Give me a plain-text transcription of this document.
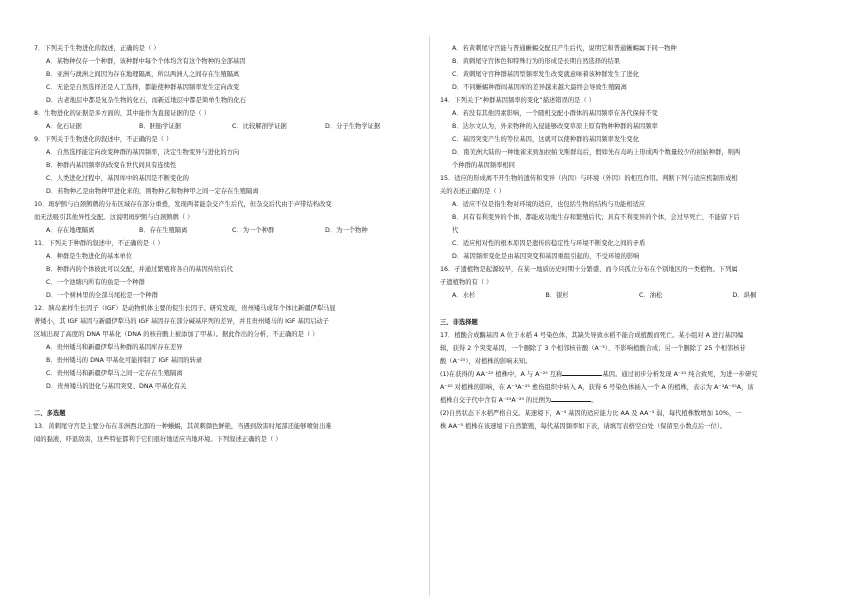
7．下列关于生物进化的叙述，正确的是（ ）
A．某物种仅存一个种群，该种群中每个个体均含有这个物种的全部基因
B．亚洲与澳洲之间因为存在地理隔离，所以两洲人之间存在生殖隔离
C．无论是自然选择还是人工选择，都能使种群基因频率发生定向改变
D．古老地层中都是复杂生物的化石，而新近地层中都是简单生物的化石
8．生物进化的证据是多方面的，其中能作为直接证据的是（ ）
A．化石证据	B．胚胎学证据	C．比较解剖学证据	D．分子生物学证据
9．下列关于生物进化的叙述中，不正确的是（ ）
A．自然选择能定向改变种群的基因频率，决定生物变异与进化的方向
B．种群内基因频率的改变在世代间具有连续性
C．人类进化过程中，基因库中的基因是不断变化的
D．若物种乙是由物种甲进化来的，则物种乙和物种甲之间一定存在生殖隔离
10．斑驴鹪与白颈鹪鹩的分布区域存在部分重叠，发现两者能杂交产生后代，但杂交后代由于声带结构改变
而无法吸引其他异性交配。这说明斑驴鹪与白颈鹪鹩（ ）
A．存在地理隔离	B．存在生殖隔离	C．为一个种群	D．为一个物种
11．下列关于种群的叙述中，不正确的是（ ）
A．种群是生物进化的基本单位
B．种群内的个体彼此可以交配，并通过繁殖将各自的基因传给后代
C．一个池塘内所有的鱼是一个种群
D．一个树林里的全部马尾松是一个种群
12．胰岛素样生长因子（IGF）是动物机体主要的促生长因子。研究发现，贵州矮马成年个体比新疆伊犁马显
著矮小，其 IGF 基因与新疆伊犁马的 IGF 基因存在部分碱基序列的差异，并且贵州矮马的 IGF 基因启动子
区域出现了高度的 DNA 甲基化（DNA 的核苷酸上被添加了甲基）。据此作出的分析，不正确的是（ ）
A．贵州矮马和新疆伊犁马种群的基因库存在差异
B．贵州矮马的 DNA 甲基化可能抑制了 IGF 基因的转录
C．贵州矮马和新疆伊犁马之间一定存在生殖隔离
D．贵州矮马的进化与基因突变、DNA 甲基化有关
二、多选题
13．黄刺尾守宫是主要分布在非洲西北部的一种蜥蜴，其黄刺颜色鲜艳，当遇到敌害时尾部还能够喷射出难
闻的黏液，吓退敌害，这些特征都利于它们很好地适应当地环境。下列叙述正确的是（ ）
A．若黄刺尾守宫能与普通蜥蜴交配且产生后代，说明它和普通蜥蜴属于同一物种
B．黄刺尾守宫体色和特殊行为的形成是长期自然选择的结果
C．黄刺尾守宫种群基因型频率发生改变就意味着该种群发生了进化
D．不同蜥蜴种群间基因库的差异越来越大最终会导致生殖隔离
14．下列关于“种群基因频率的变化”描述错误的是（ ）
A．若没有其他因素影响，一个随机交配小群体的基因频率在各代保持不变
B．达尔文认为，外来物种的入侵能够改变草原上原有物种种群的基因频率
C．基因突变产生的等位基因，这就可以使种群的基因频率发生变化
D．南美洲大陆的一种地雀来到加拉帕戈斯群岛后，假如先在岛屿上形成两个数量较少的初始种群，则两
个种群的基因频率相同
15．适应的形成离不开生物的遗传和变异（内因）与环境（外因）的相互作用。判断下列与适应机制形成相
关的表述正确的是（ ）
A．适应不仅是指生物对环境的适应，也包括生物的结构与功能相适应
B．具有有利变异的个体，都能成功地生存和繁殖后代；具有不利变异的个体，会过早死亡，不能留下后
代
C．适应相对性的根本原因是遗传的稳定性与环境不断变化之间的矛盾
D．基因频率变化是由基因突变和基因重组引起的，不受环境的影响
16．孑遗植物是起源较早，在某一地质历史时期十分繁盛，而今只孤立分布在个别地区的一类植物。下列属
孑遗植物的有（ ）
A．水杉	B．银杉	C．油松	D．珙桐
三、非选择题
17．植酸合成酶基因 A 位于水稻 4 号染色体，其缺失导致水稻不能合成植酸而死亡。某小组对 A 进行基因编
辑，获得 2 个突变基因，一个删除了 3 个相邻核苷酸（A⁻³）、不影响植酸合成；另一个删除了 25 个相邻核苷
酸（A⁻²⁵），对植株的影响未知。
(1)在获得的 AA⁻²⁵ 植株中，A 与 A⁻²⁵ 互称	基因。通过初步分析发现 A⁻²⁵ 纯合致死，为进一步研究
A⁻²⁵ 对植株的影响，在 A⁻³A⁻²⁵ 愈伤组织中转入 A，获得 6 号染色体插入一个 A 的植株，表示为 A⁻³A⁻²⁵A，该
植株自交子代中含有 A⁻²⁵A⁻²⁵ 的比例为	。
(2)自然状态下水稻严格自交。某速境下，A⁻³ 基因的适应能力比 AA 及 AA⁻³ 弱，每代植株数增加 10%，一
株 AA⁻³ 植株在该速境下自然繁殖，每代基因频率如下表，请填写表格空白处（保留至小数点后一位）。
